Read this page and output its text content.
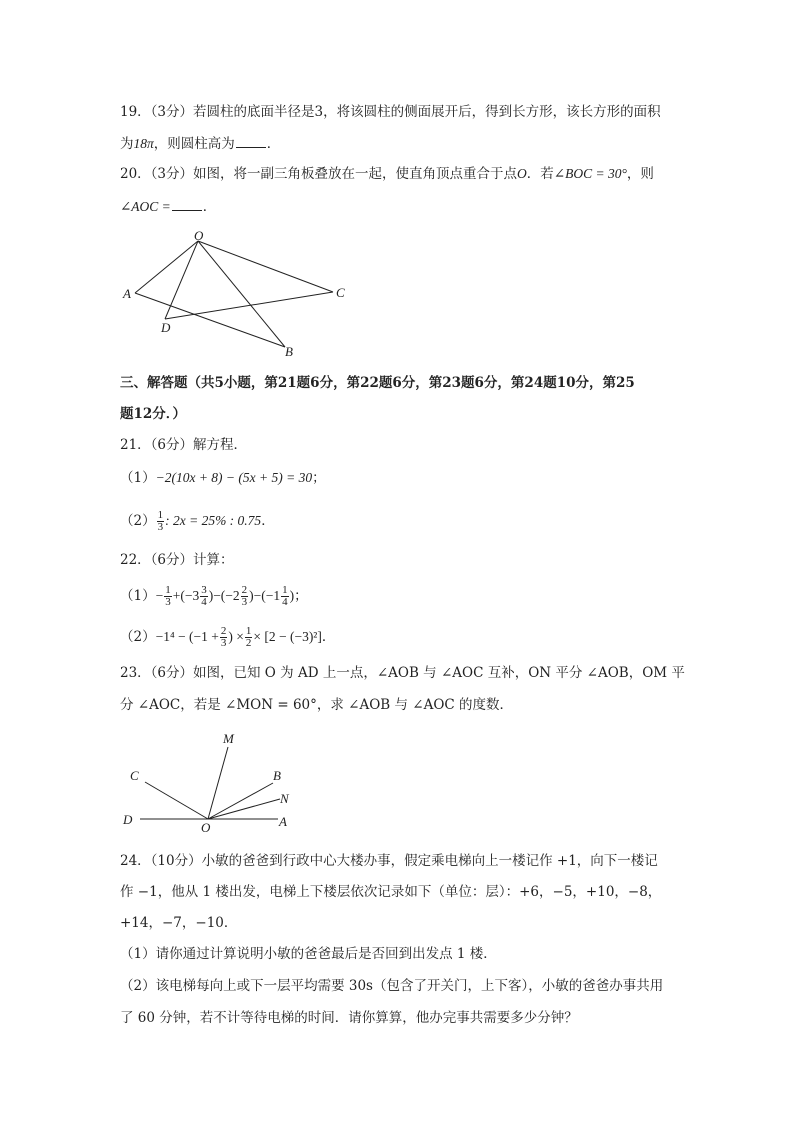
19．（3分）若圆柱的底面半径是3，将该圆柱的侧面展开后，得到长方形，该长方形的面积
为18π，则圆柱高为 ．
20．（3分）如图，将一副三角板叠放在一起，使直角顶点重合于点O．若∠BOC = 30°，则
∠AOC = ．
O
A	C
D
B
三、解答题（共5小题，第21题6分，第22题6分，第23题6分，第24题10分，第25
题12分．）
21．（6分）解方程．
（1）−2(10x + 8) − (5x + 5) = 30；
$(2) \frac{1}{3}$ : 2x = 25% : 0.75．
22．（6分）计算：
$(1)- \frac{1}{3} +(-3 \frac{3}{4} )-(-2 \frac{2}{3} )-(-1 \frac{1}{4}$ )；
$(2)-1^4 - (-1 + \frac{2}{3}$ ) × $\frac{1}{2} \times [2 - (-3)^2]$．
23．（6分）如图，已知 O 为 AD 上一点，∠AOB 与 ∠AOC 互补，ON 平分 ∠AOB，OM 平
分 ∠AOC，若是 ∠MON = 60°，求 ∠AOB 与 ∠AOC 的度数．
M
C	B
N
D
O	A
24．（10分）小敏的爸爸到行政中心大楼办事，假定乘电梯向上一楼记作 +1，向下一楼记
作 −1，他从 1 楼出发，电梯上下楼层依次记录如下（单位：层）：+6，−5，+10，−8，
+14，−7，−10．
（1）请你通过计算说明小敏的爸爸最后是否回到出发点 1 楼．
（2）该电梯每向上或下一层平均需要 30s（包含了开关门，上下客），小敏的爸爸办事共用
了 60 分钟，若不计等待电梯的时间．请你算算，他办完事共需要多少分钟？
